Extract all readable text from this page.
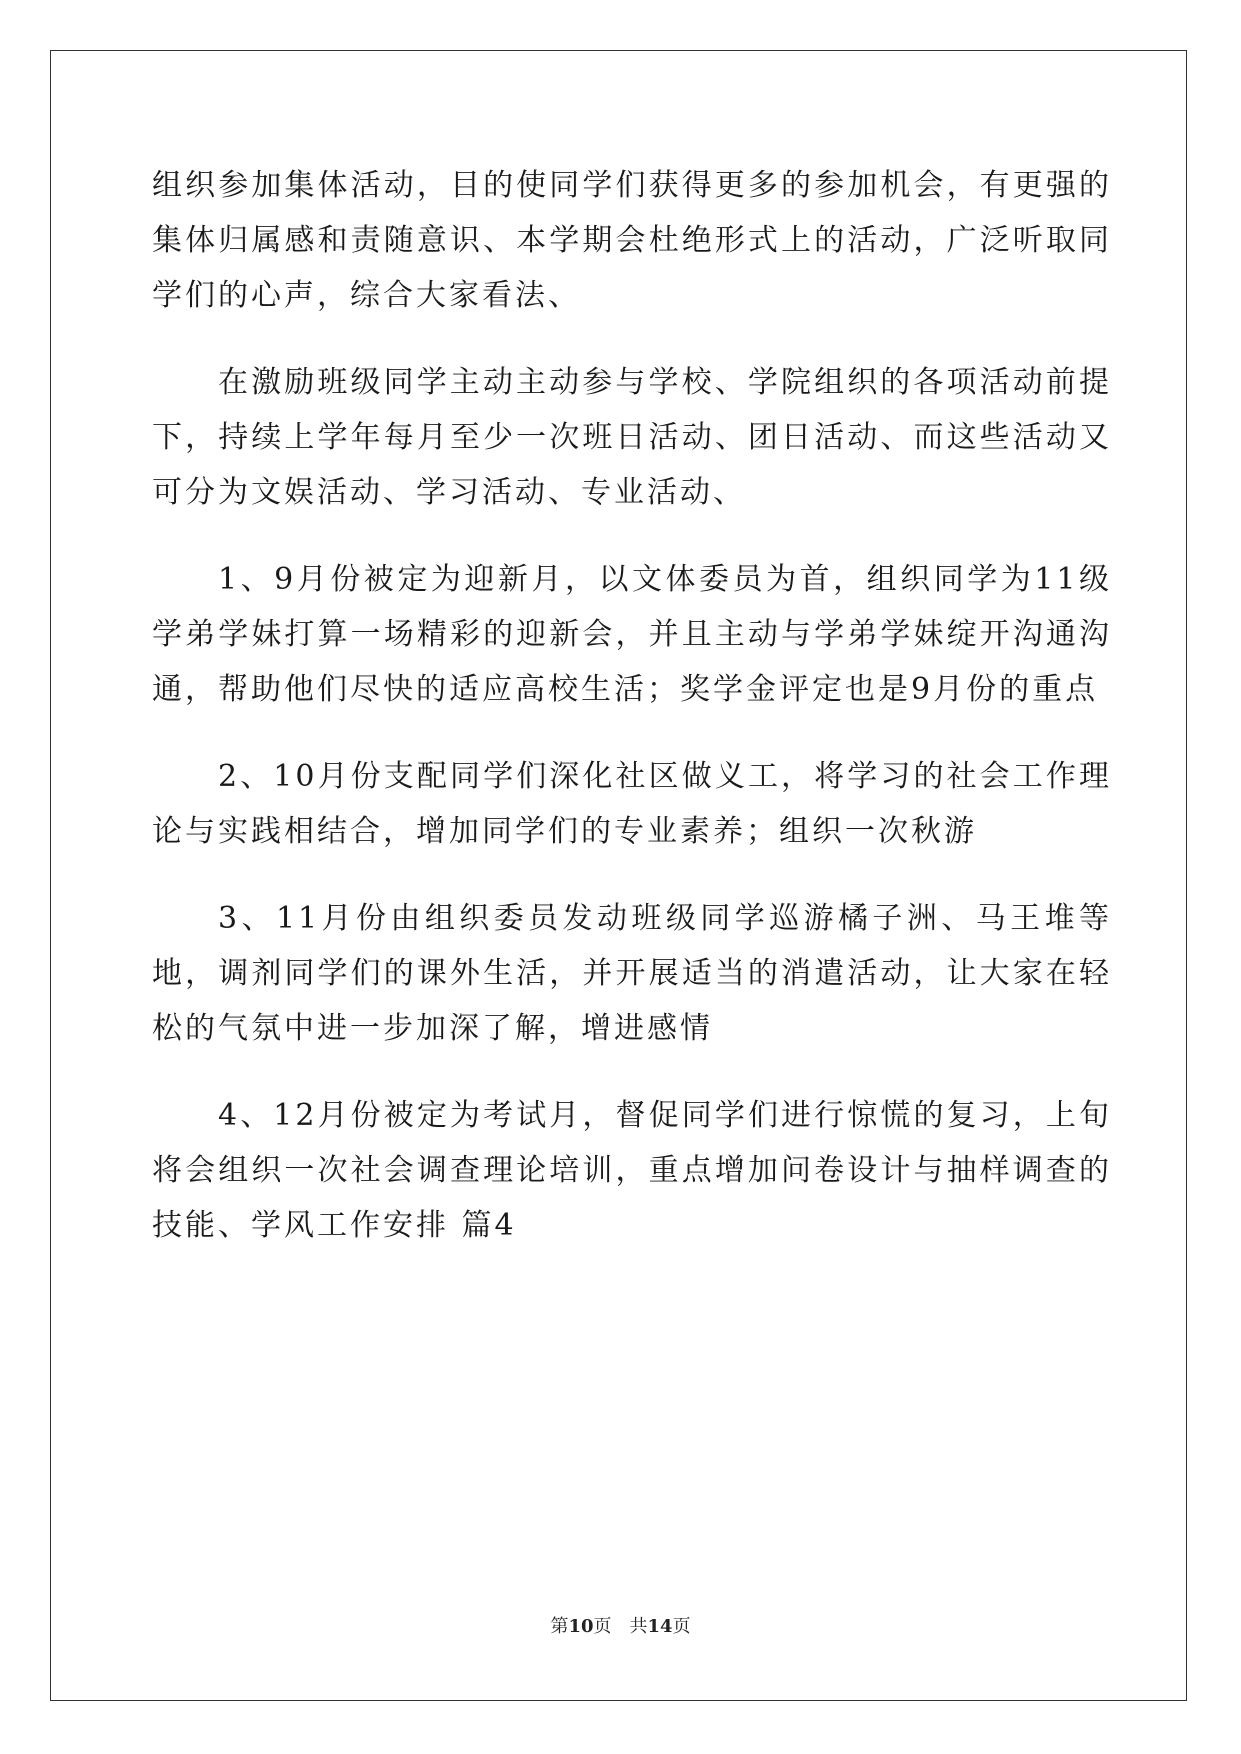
组织参加集体活动，目的使同学们获得更多的参加机会，有更强的集体归属感和责随意识、本学期会杜绝形式上的活动，广泛听取同学们的心声，综合大家看法、

在激励班级同学主动主动参与学校、学院组织的各项活动前提下，持续上学年每月至少一次班日活动、团日活动、而这些活动又可分为文娱活动、学习活动、专业活动、

1、9月份被定为迎新月，以文体委员为首，组织同学为11级学弟学妹打算一场精彩的迎新会，并且主动与学弟学妹绽开沟通沟通，帮助他们尽快的适应高校生活；奖学金评定也是9月份的重点

2、10月份支配同学们深化社区做义工，将学习的社会工作理论与实践相结合，增加同学们的专业素养；组织一次秋游

3、11月份由组织委员发动班级同学巡游橘子洲、马王堆等地，调剂同学们的课外生活，并开展适当的消遣活动，让大家在轻松的气氛中进一步加深了解，增进感情

4、12月份被定为考试月，督促同学们进行惊慌的复习，上旬将会组织一次社会调查理论培训，重点增加问卷设计与抽样调查的技能、学风工作安排 篇4

第10页　共14页
